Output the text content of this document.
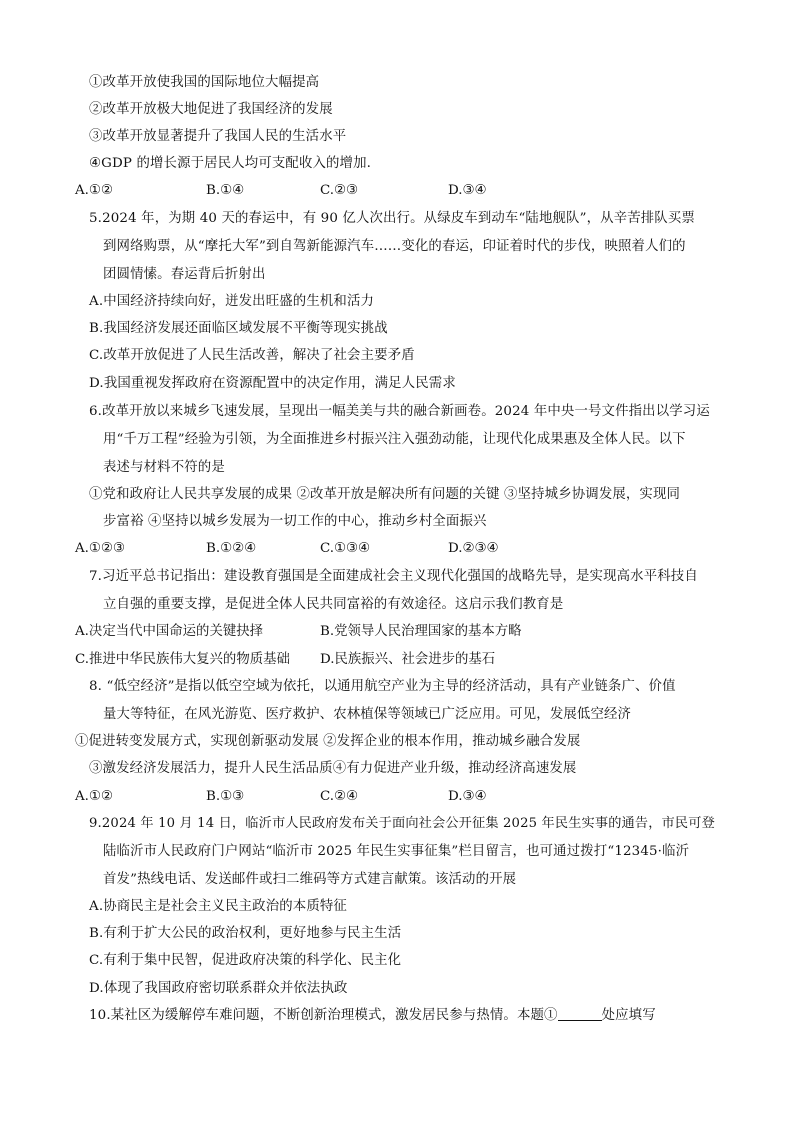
①改革开放使我国的国际地位大幅提高
②改革开放极大地促进了我国经济的发展
③改革开放显著提升了我国人民的生活水平
④GDP 的增长源于居民人均可支配收入的增加.
A.①②	B.①④	C.②③	D.③④
5.2024 年，为期 40 天的春运中，有 90 亿人次出行。从绿皮车到动车“陆地舰队”，从辛苦排队买票
到网络购票，从“摩托大军”到自驾新能源汽车……变化的春运，印证着时代的步伐，映照着人们的
团圆情愫。春运背后折射出
A.中国经济持续向好，迸发出旺盛的生机和活力
B.我国经济发展还面临区域发展不平衡等现实挑战
C.改革开放促进了人民生活改善，解决了社会主要矛盾
D.我国重视发挥政府在资源配置中的决定作用，满足人民需求
6.改革开放以来城乡飞速发展，呈现出一幅美美与共的融合新画卷。2024 年中央一号文件指出以学习运
用“千万工程”经验为引领，为全面推进乡村振兴注入强劲动能，让现代化成果惠及全体人民。以下
表述与材料不符的是
①党和政府让人民共享发展的成果 ②改革开放是解决所有问题的关键 ③坚持城乡协调发展，实现同
步富裕 ④坚持以城乡发展为一切工作的中心，推动乡村全面振兴
A.①②③	B.①②④	C.①③④	D.②③④
7.习近平总书记指出：建设教育强国是全面建成社会主义现代化强国的战略先导，是实现高水平科技自
立自强的重要支撑，是促进全体人民共同富裕的有效途径。这启示我们教育是
A.决定当代中国命运的关键抉择	B.党领导人民治理国家的基本方略
C.推进中华民族伟大复兴的物质基础 D.民族振兴、社会进步的基石
8. “低空经济”是指以低空空域为依托，以通用航空产业为主导的经济活动，具有产业链条广、价值
量大等特征，在风光游览、医疗救护、农林植保等领域已广泛应用。可见，发展低空经济
①促进转变发展方式，实现创新驱动发展 ②发挥企业的根本作用，推动城乡融合发展
③激发经济发展活力，提升人民生活品质④有力促进产业升级，推动经济高速发展
A.①②	B.①③	C.②④	D.③④
9.2024 年 10 月 14 日，临沂市人民政府发布关于面向社会公开征集 2025 年民生实事的通告，市民可登
陆临沂市人民政府门户网站“临沂市 2025 年民生实事征集”栏目留言，也可通过拨打“12345·临沂
首发”热线电话、发送邮件或扫二维码等方式建言献策。该活动的开展
A.协商民主是社会主义民主政治的本质特征
B.有利于扩大公民的政治权利，更好地参与民主生活
C.有利于集中民智，促进政府决策的科学化、民主化
D.体现了我国政府密切联系群众并依法执政
10.某社区为缓解停车难问题，不断创新治理模式，激发居民参与热情。本题①	处应填写
